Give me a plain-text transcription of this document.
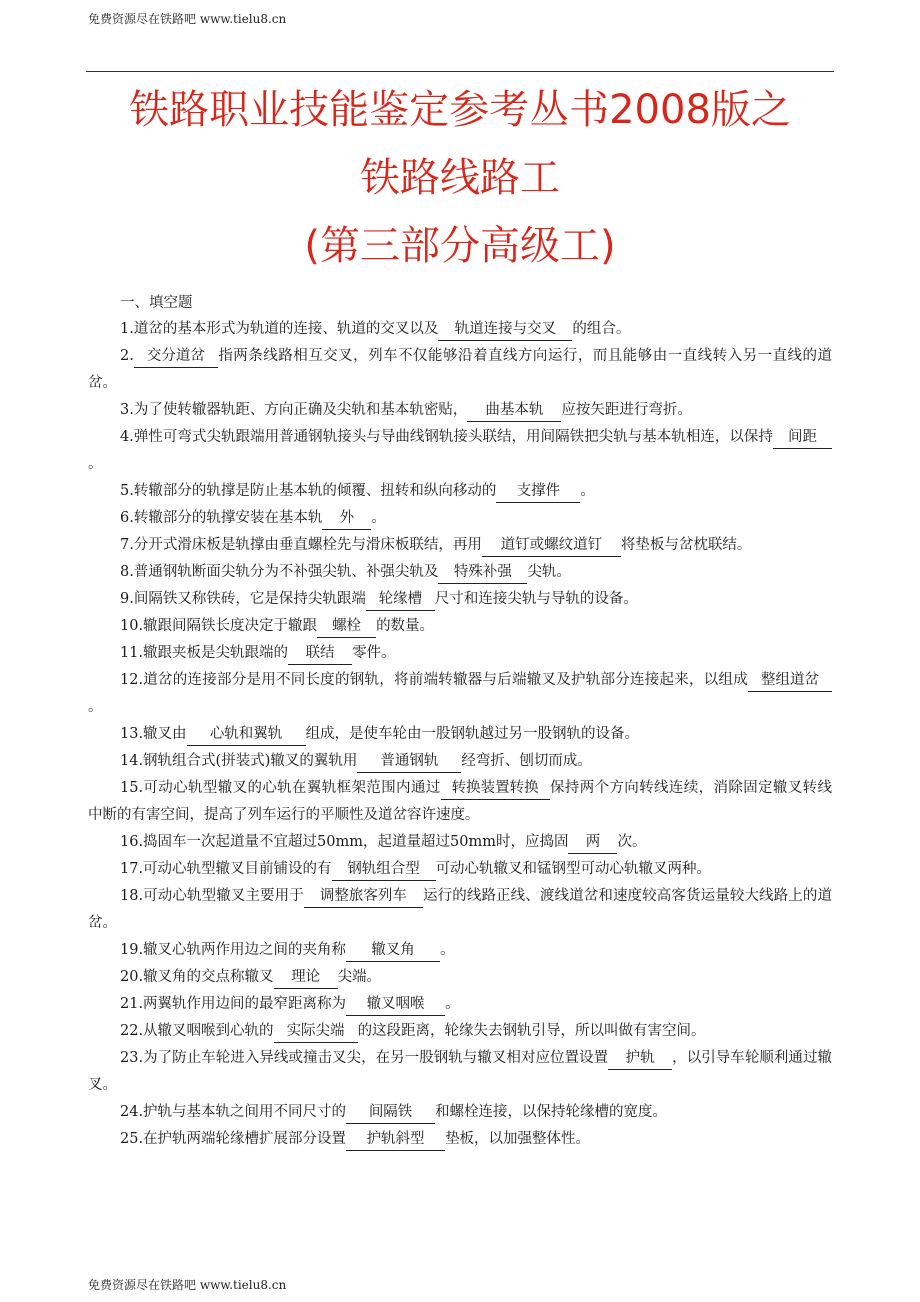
免费资源尽在铁路吧 www.tielu8.cn
铁路职业技能鉴定参考丛书2008版之
铁路线路工
(第三部分高级工)
一、填空题
1.道岔的基本形式为轨道的连接、轨道的交叉以及 轨道连接与交叉 的组合。
2. 交分道岔 指两条线路相互交叉，列车不仅能够沿着直线方向运行，而且能够由一直线转入另一直线的道岔。
3.为了使转辙器轨距、方向正确及尖轨和基本轨密贴， 曲基本轨 应按矢距进行弯折。
4.弹性可弯式尖轨跟端用普通钢轨接头与导曲线钢轨接头联结，用间隔铁把尖轨与基本轨相连，以保持 间距。
5.转辙部分的轨撑是防止基本轨的倾覆、扭转和纵向移动的 支撑件 。
6.转辙部分的轨撑安装在基本轨 外 。
7.分开式滑床板是轨撑由垂直螺栓先与滑床板联结，再用 道钉或螺纹道钉 将垫板与岔枕联结。
8.普通钢轨断面尖轨分为不补强尖轨、补强尖轨及 特殊补强 尖轨。
9.间隔铁又称铁砖，它是保持尖轨跟端 轮缘槽 尺寸和连接尖轨与导轨的设备。
10.辙跟间隔铁长度决定于辙跟 螺栓 的数量。
11.辙跟夹板是尖轨跟端的 联结 零件。
12.道岔的连接部分是用不同长度的钢轨，将前端转辙器与后端辙叉及护轨部分连接起来，以组成 整组道岔。
13.辙叉由 心轨和翼轨 组成，是使车轮由一股钢轨越过另一股钢轨的设备。
14.钢轨组合式(拼装式)辙叉的翼轨用 普通钢轨 经弯折、刨切而成。
15.可动心轨型辙叉的心轨在翼轨框架范围内通过 转换装置转换 保持两个方向转线连续，消除固定辙叉转线中断的有害空间，提高了列车运行的平顺性及道岔容许速度。
16.捣固车一次起道量不宜超过50mm，起道量超过50mm时，应捣固 两 次。
17.可动心轨型辙叉目前铺设的有 钢轨组合型 可动心轨辙叉和锰钢型可动心轨辙叉两种。
18.可动心轨型辙叉主要用于 调整旅客列车 运行的线路正线、渡线道岔和速度较高客货运量较大线路上的道岔。
19.辙叉心轨两作用边之间的夹角称 辙叉角 。
20.辙叉角的交点称辙叉 理论 尖端。
21.两翼轨作用边间的最窄距离称为 辙叉咽喉 。
22.从辙叉咽喉到心轨的 实际尖端 的这段距离，轮缘失去钢轨引导，所以叫做有害空间。
23.为了防止车轮进入异线或撞击叉尖，在另一股钢轨与辙叉相对应位置设置 护轨 ，以引导车轮顺利通过辙叉。
24.护轨与基本轨之间用不同尺寸的 间隔铁 和螺栓连接，以保持轮缘槽的宽度。
25.在护轨两端轮缘槽扩展部分设置 护轨斜型 垫板，以加强整体性。
免费资源尽在铁路吧 www.tielu8.cn
